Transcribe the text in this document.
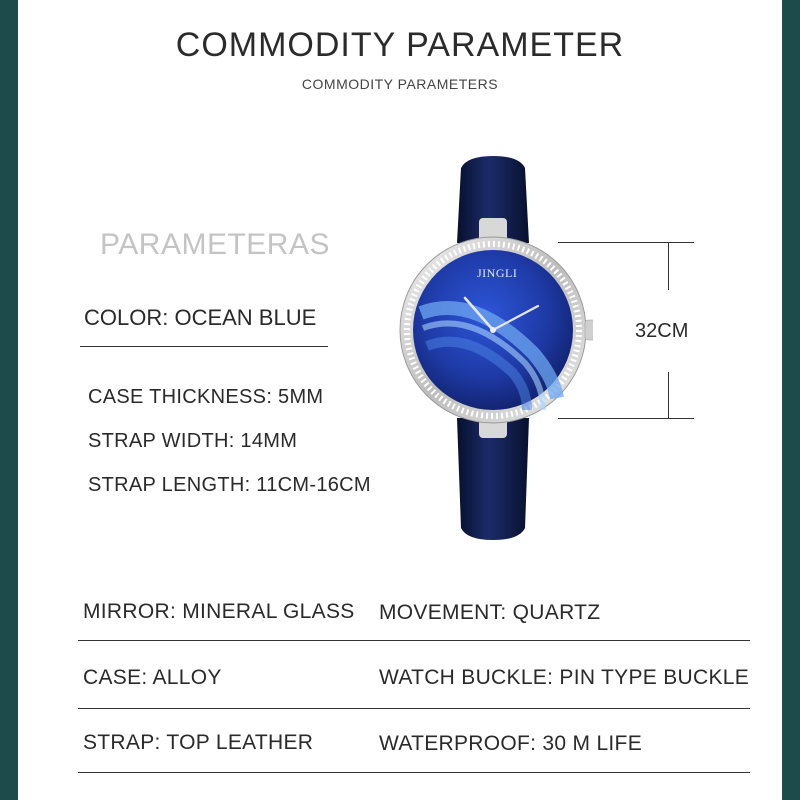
COMMODITY PARAMETER
COMMODITY PARAMETERS
PARAMETERAS
COLOR: OCEAN BLUE
CASE THICKNESS: 5MM
STRAP WIDTH: 14MM
STRAP LENGTH: 11CM-16CM
JINGLI
32CM
MIRROR: MINERAL GLASS MOVEMENT: QUARTZ
CASE: ALLOY	WATCH BUCKLE: PIN TYPE BUCKLE
STRAP: TOP LEATHER	WATERPROOF: 30 M LIFE
